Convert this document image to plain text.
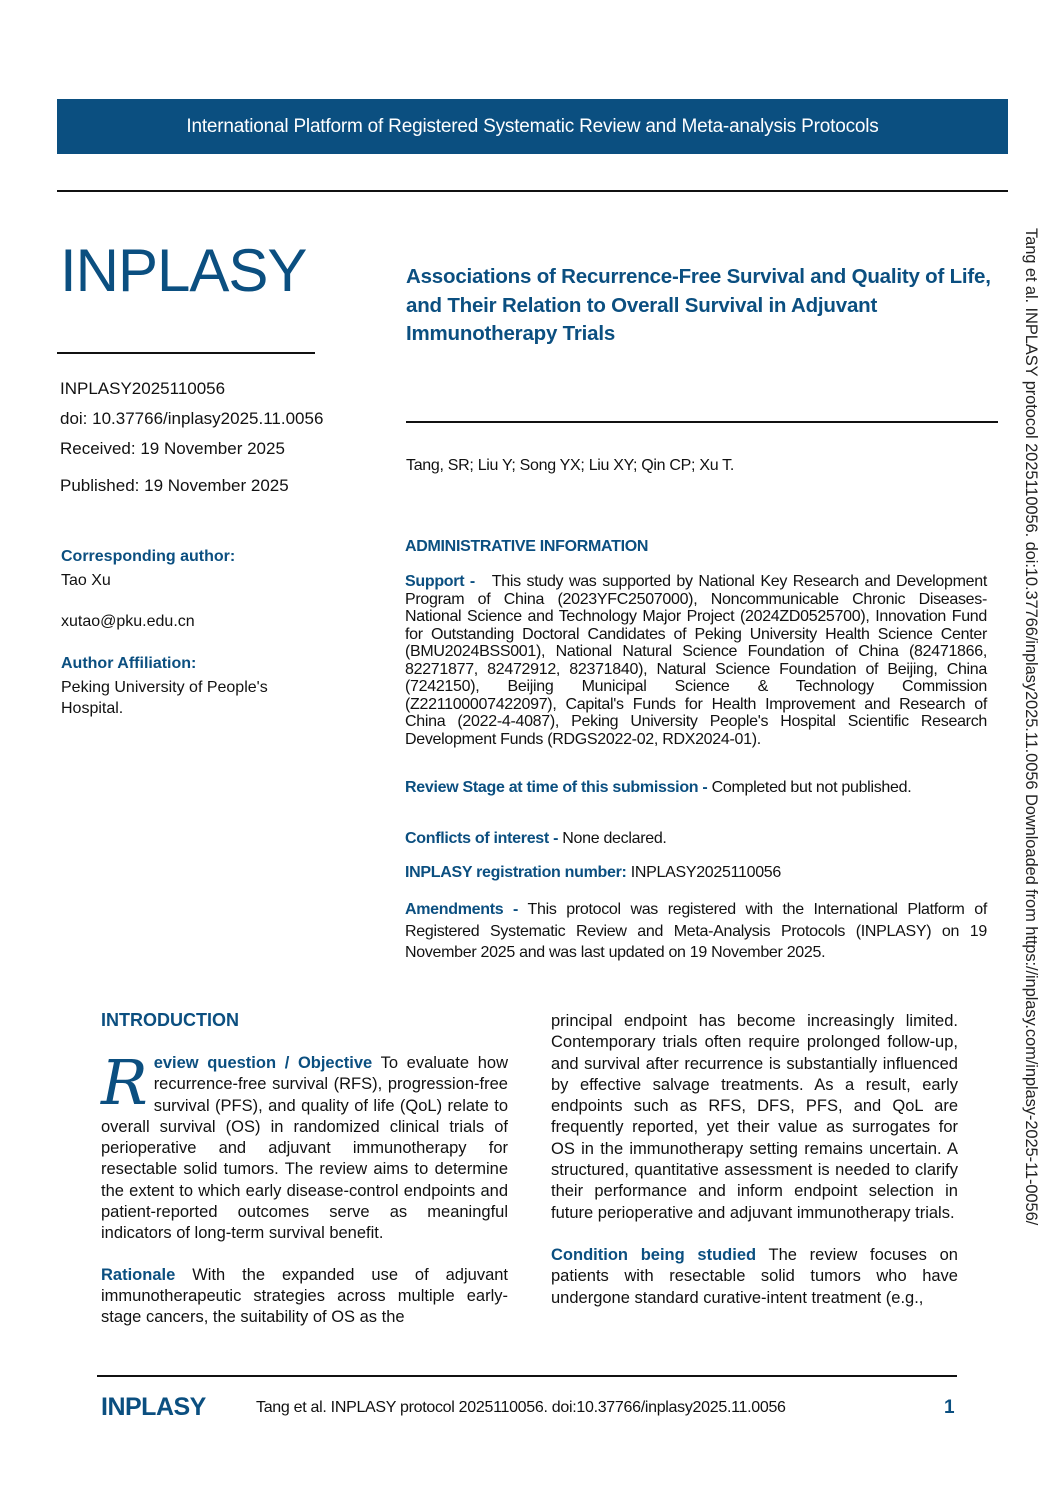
International Platform of Registered Systematic Review and Meta-analysis Protocols
INPLASY
INPLASY2025110056
doi: 10.37766/inplasy2025.11.0056
Received: 19 November 2025
Published: 19 November 2025
Associations of Recurrence-Free Survival and Quality of Life, and Their Relation to Overall Survival in Adjuvant Immunotherapy Trials
Tang, SR; Liu Y; Song YX; Liu XY; Qin CP; Xu T.
Corresponding author:
Tao Xu
xutao@pku.edu.cn
Author Affiliation:
Peking University of People's Hospital.
ADMINISTRATIVE INFORMATION
Support - This study was supported by National Key Research and Development Program of China (2023YFC2507000), Noncommunicable Chronic Diseases-National Science and Technology Major Project (2024ZD0525700), Innovation Fund for Outstanding Doctoral Candidates of Peking University Health Science Center (BMU2024BSS001), National Natural Science Foundation of China (82471866, 82271877, 82472912, 82371840), Natural Science Foundation of Beijing, China (7242150), Beijing Municipal Science & Technology Commission (Z221100007422097), Capital's Funds for Health Improvement and Research of China (2022-4-4087), Peking University People's Hospital Scientific Research Development Funds (RDGS2022-02, RDX2024-01).
Review Stage at time of this submission - Completed but not published.
Conflicts of interest - None declared.
INPLASY registration number: INPLASY2025110056
Amendments - This protocol was registered with the International Platform of Registered Systematic Review and Meta-Analysis Protocols (INPLASY) on 19 November 2025 and was last updated on 19 November 2025.
INTRODUCTION
R eview question / Objective To evaluate how recurrence-free survival (RFS), progression-free survival (PFS), and quality of life (QoL) relate to overall survival (OS) in randomized clinical trials of perioperative and adjuvant immunotherapy for resectable solid tumors. The review aims to determine the extent to which early disease-control endpoints and patient-reported outcomes serve as meaningful indicators of long-term survival benefit.
Rationale With the expanded use of adjuvant immunotherapeutic strategies across multiple early-stage cancers, the suitability of OS as the
principal endpoint has become increasingly limited. Contemporary trials often require prolonged follow-up, and survival after recurrence is substantially influenced by effective salvage treatments. As a result, early endpoints such as RFS, DFS, PFS, and QoL are frequently reported, yet their value as surrogates for OS in the immunotherapy setting remains uncertain. A structured, quantitative assessment is needed to clarify their performance and inform endpoint selection in future perioperative and adjuvant immunotherapy trials.
Condition being studied The review focuses on patients with resectable solid tumors who have undergone standard curative-intent treatment (e.g.,
INPLASY	Tang et al. INPLASY protocol 2025110056. doi:10.37766/inplasy2025.11.0056	1
Tang et al. INPLASY protocol 2025110056. doi:10.37766/inplasy2025.11.0056 Downloaded from https://inplasy.com/inplasy-2025-11-0056/
